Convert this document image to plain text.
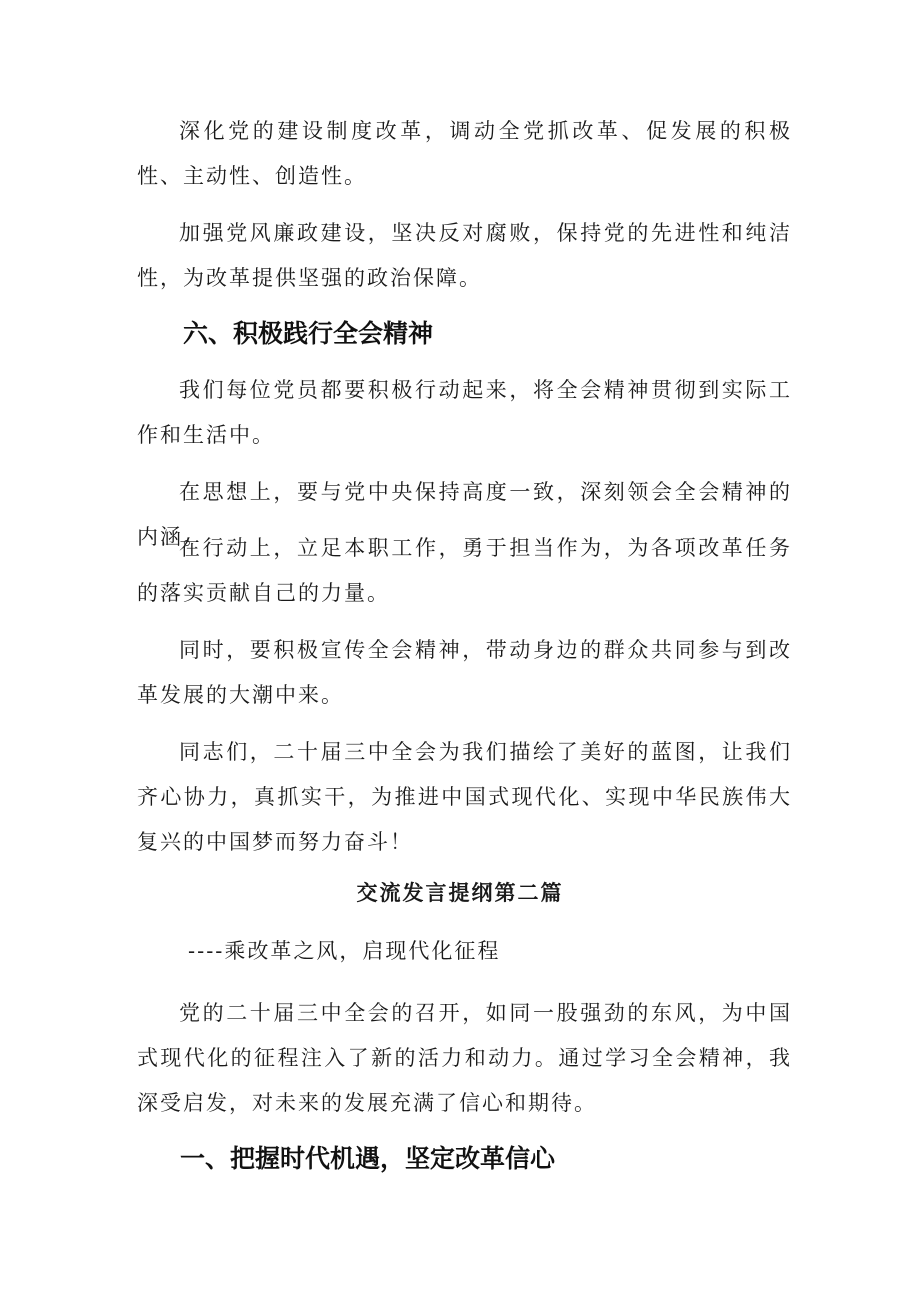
深化党的建设制度改革，调动全党抓改革、促发展的积极性、主动性、创造性。

加强党风廉政建设，坚决反对腐败，保持党的先进性和纯洁性，为改革提供坚强的政治保障。

六、积极践行全会精神

我们每位党员都要积极行动起来，将全会精神贯彻到实际工作和生活中。

在思想上，要与党中央保持高度一致，深刻领会全会精神的内涵。

在行动上，立足本职工作，勇于担当作为，为各项改革任务的落实贡献自己的力量。

同时，要积极宣传全会精神，带动身边的群众共同参与到改革发展的大潮中来。

同志们，二十届三中全会为我们描绘了美好的蓝图，让我们齐心协力，真抓实干，为推进中国式现代化、实现中华民族伟大复兴的中国梦而努力奋斗！

交流发言提纲第二篇

----乘改革之风，启现代化征程

党的二十届三中全会的召开，如同一股强劲的东风，为中国式现代化的征程注入了新的活力和动力。通过学习全会精神，我深受启发，对未来的发展充满了信心和期待。

一、把握时代机遇，坚定改革信心
